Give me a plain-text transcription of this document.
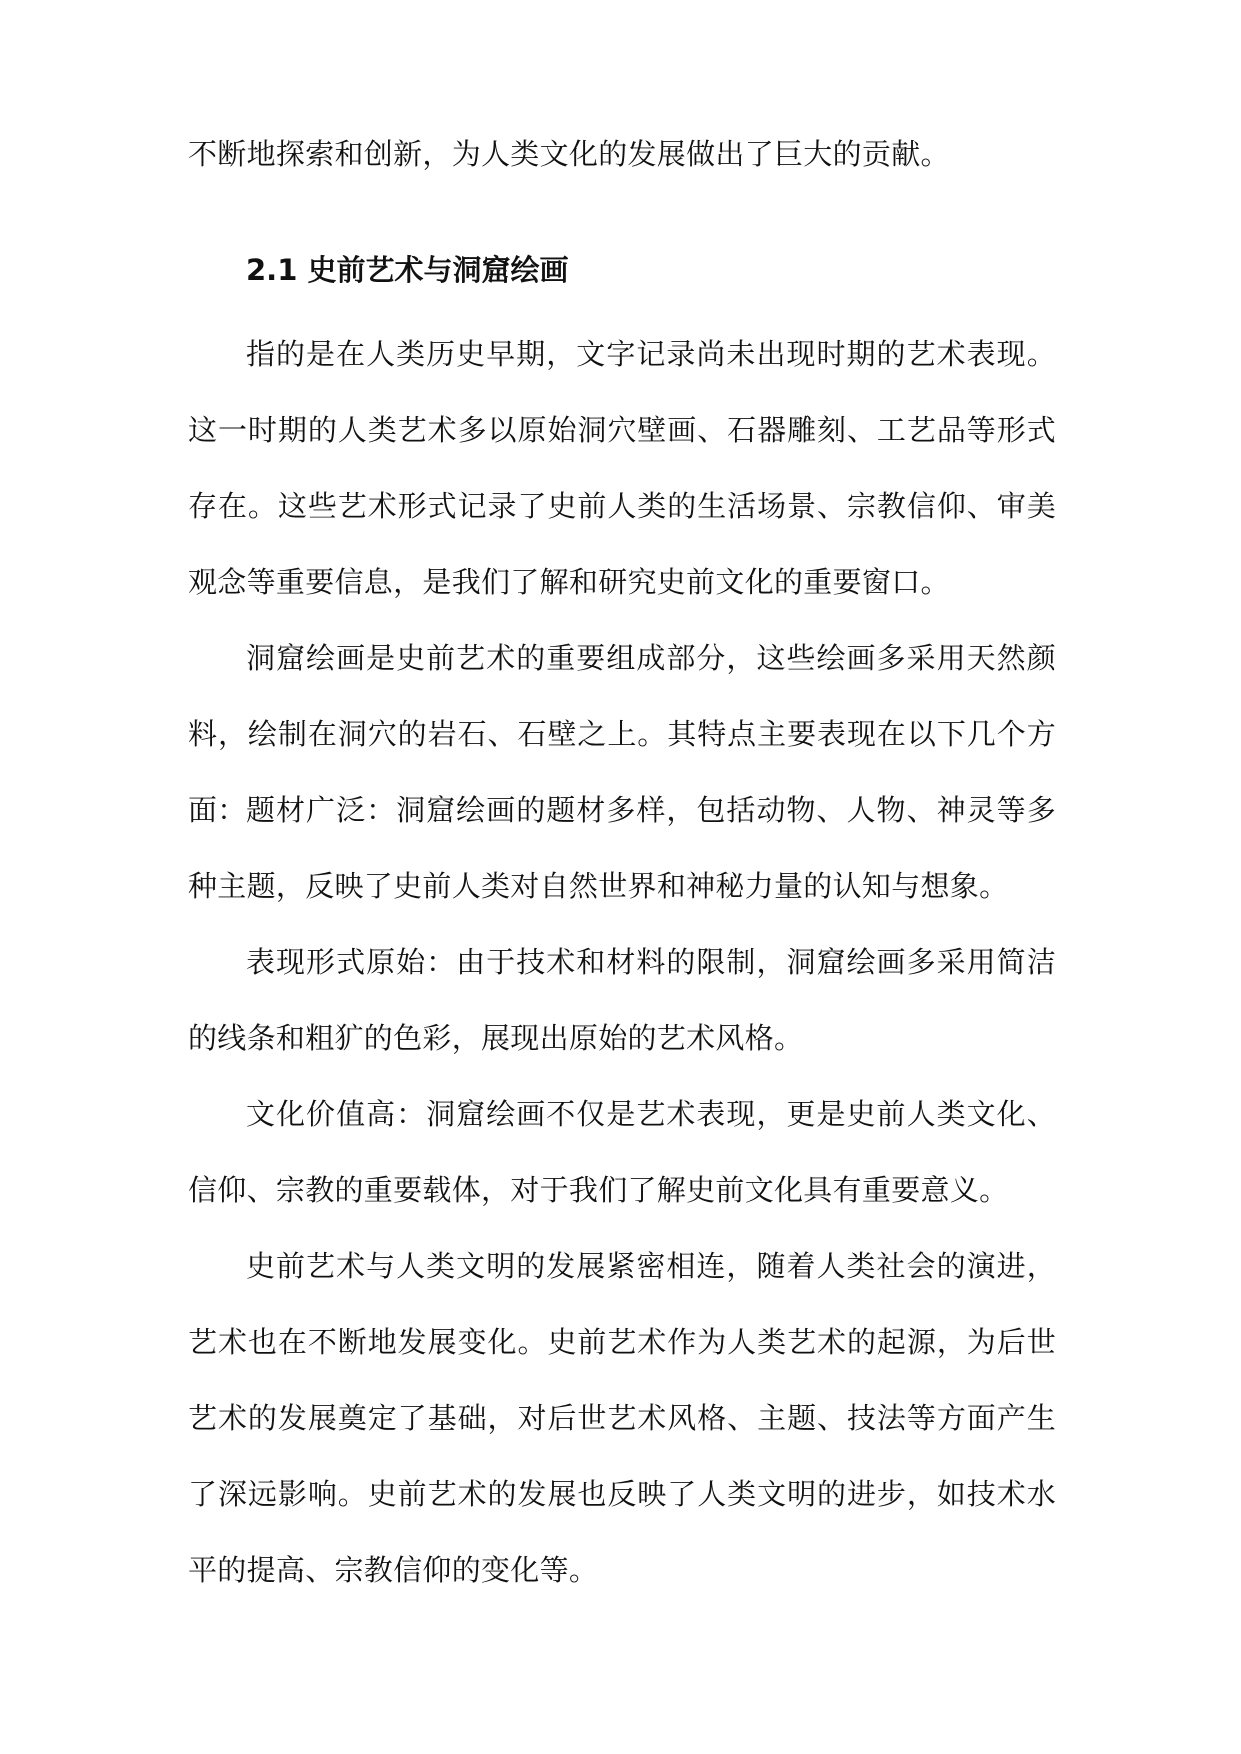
不断地探索和创新，为人类文化的发展做出了巨大的贡献。

2.1 史前艺术与洞窟绘画

指的是在人类历史早期，文字记录尚未出现时期的艺术表现。这一时期的人类艺术多以原始洞穴壁画、石器雕刻、工艺品等形式存在。这些艺术形式记录了史前人类的生活场景、宗教信仰、审美观念等重要信息，是我们了解和研究史前文化的重要窗口。

洞窟绘画是史前艺术的重要组成部分，这些绘画多采用天然颜料，绘制在洞穴的岩石、石壁之上。其特点主要表现在以下几个方面： 题材广泛：洞窟绘画的题材多样，包括动物、人物、神灵等多种主题，反映了史前人类对自然世界和神秘力量的认知与想象。

表现形式原始：由于技术和材料的限制，洞窟绘画多采用简洁的线条和粗犷的色彩，展现出原始的艺术风格。

文化价值高：洞窟绘画不仅是艺术表现，更是史前人类文化、信仰、宗教的重要载体，对于我们了解史前文化具有重要意义。

史前艺术与人类文明的发展紧密相连，随着人类社会的演进，艺术也在不断地发展变化。史前艺术作为人类艺术的起源，为后世艺术的发展奠定了基础，对后世艺术风格、主题、技法等方面产生了深远影响。史前艺术的发展也反映了人类文明的进步，如技术水平的提高、宗教信仰的变化等。
